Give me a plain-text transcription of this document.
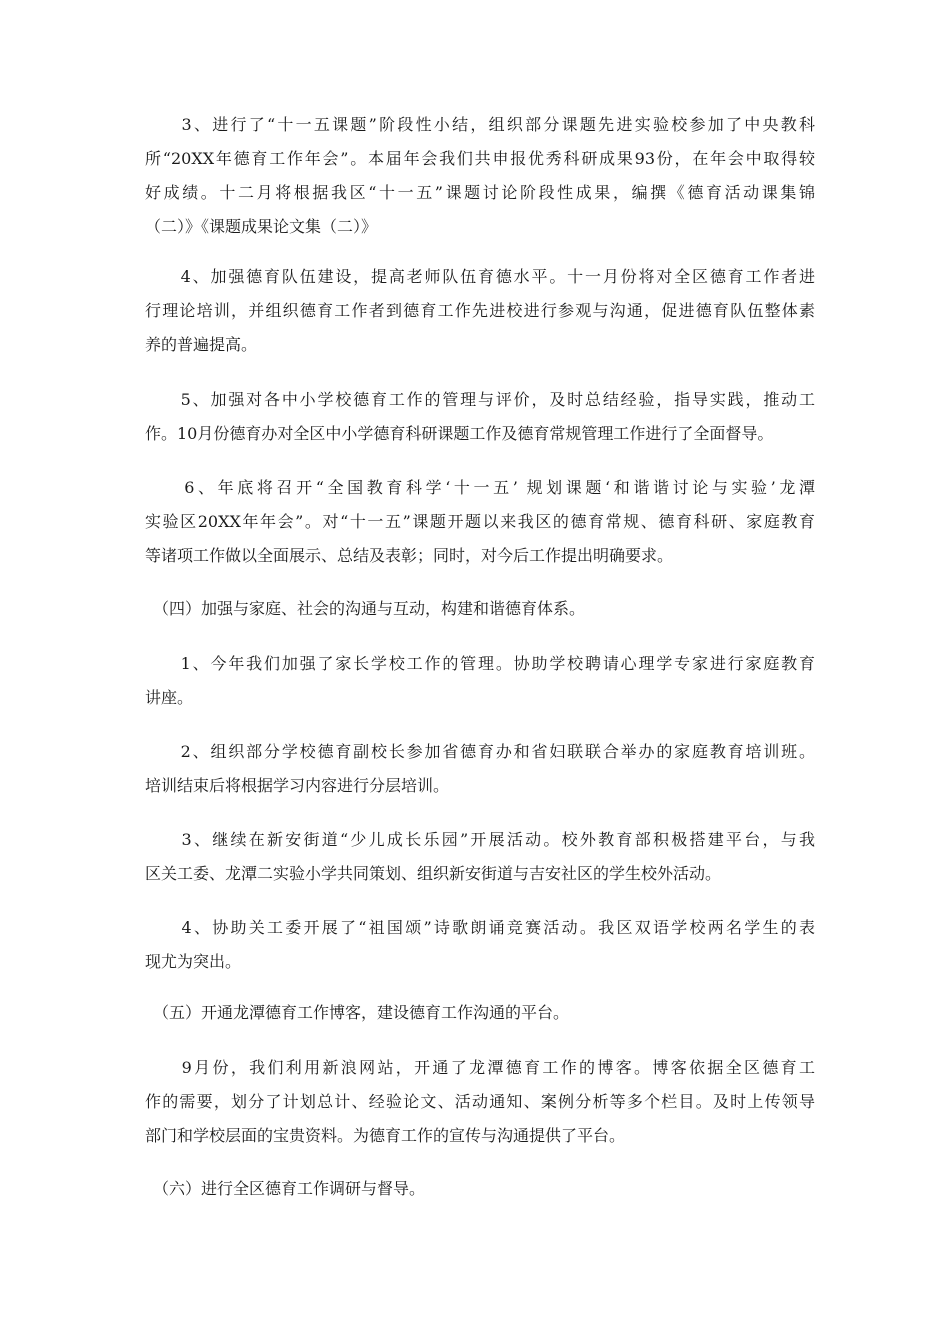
　　3、进行了“十一五课题”阶段性小结，组织部分课题先进实验校参加了中央教科
所“20XX年德育工作年会”。本届年会我们共申报优秀科研成果93份，在年会中取得较
好成绩。十二月将根据我区“十一五”课题讨论阶段性成果，编撰《德育活动课集锦
（二）》《课题成果论文集（二）》
　　4、加强德育队伍建设，提高老师队伍育德水平。十一月份将对全区德育工作者进
行理论培训，并组织德育工作者到德育工作先进校进行参观与沟通，促进德育队伍整体素
养的普遍提高。
　　5、加强对各中小学校德育工作的管理与评价，及时总结经验，指导实践，推动工
作。10月份德育办对全区中小学德育科研课题工作及德育常规管理工作进行了全面督导。
　　6、年底将召开“全国教育科学‘十一五’ 规划课题‘和谐谐讨论与实验’龙潭
实验区20XX年年会”。对“十一五”课题开题以来我区的德育常规、德育科研、家庭教育
等诸项工作做以全面展示、总结及表彰；同时，对今后工作提出明确要求。
　（四）加强与家庭、社会的沟通与互动，构建和谐德育体系。
　　1、今年我们加强了家长学校工作的管理。协助学校聘请心理学专家进行家庭教育
讲座。
　　2、组织部分学校德育副校长参加省德育办和省妇联联合举办的家庭教育培训班。
培训结束后将根据学习内容进行分层培训。
　　3、继续在新安街道“少儿成长乐园”开展活动。校外教育部积极搭建平台，与我
区关工委、龙潭二实验小学共同策划、组织新安街道与吉安社区的学生校外活动。
　　4、协助关工委开展了“祖国颂”诗歌朗诵竞赛活动。我区双语学校两名学生的表
现尤为突出。
　（五）开通龙潭德育工作博客，建设德育工作沟通的平台。
　　9月份，我们利用新浪网站，开通了龙潭德育工作的博客。博客依据全区德育工
作的需要，划分了计划总计、经验论文、活动通知、案例分析等多个栏目。及时上传领导
部门和学校层面的宝贵资料。为德育工作的宣传与沟通提供了平台。
　（六）进行全区德育工作调研与督导。
